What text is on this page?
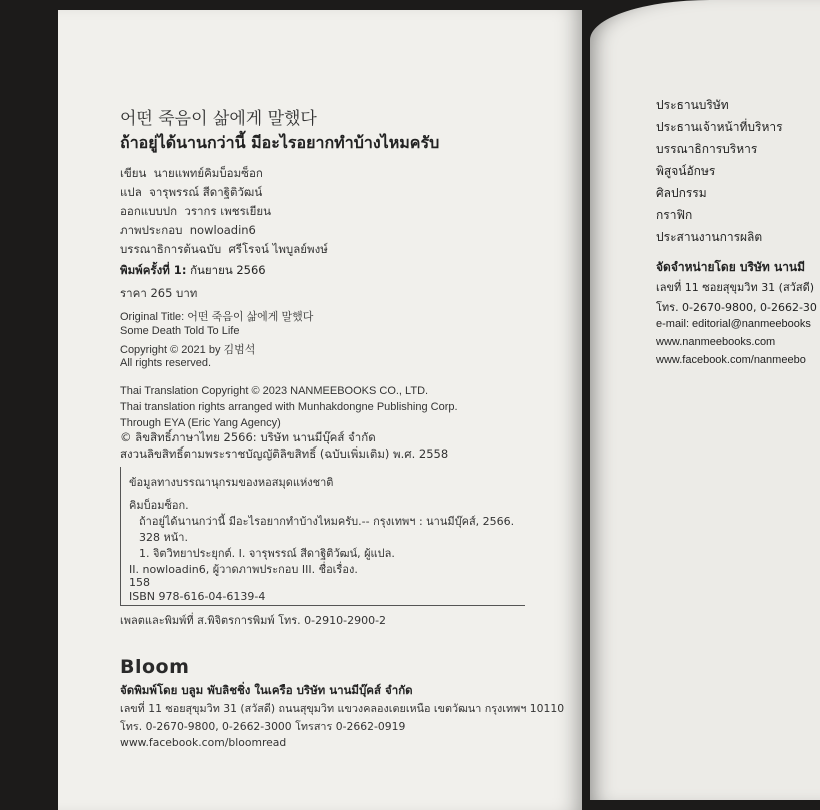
어떤 죽음이 삶에게 말했다
ถ้าอยู่ได้นานกว่านี้ มีอะไรอยากทำบ้างไหมครับ
เขียน นายแพทย์คิมบ็อมซ็อก
แปล จารุพรรณ์ สีดาฐิติวัฒน์
ออกแบบปก วรากร เพชรเยียน
ภาพประกอบ nowloadin6
บรรณาธิการต้นฉบับ ศรีโรจน์ ไพบูลย์พงษ์
พิมพ์ครั้งที่ 1: กันยายน 2566
ราคา 265 บาท
Original Title: 어떤 죽음이 삶에게 말했다
Some Death Told To Life
Copyright © 2021 by 김범석
All rights reserved.
Thai Translation Copyright © 2023 NANMEEBOOKS CO., LTD.
Thai translation rights arranged with Munhakdongne Publishing Corp.
Through EYA (Eric Yang Agency)
© ลิขสิทธิ์ภาษาไทย 2566: บริษัท นานมีบุ๊คส์ จำกัด
สงวนลิขสิทธิ์ตามพระราชบัญญัติลิขสิทธิ์ (ฉบับเพิ่มเติม) พ.ศ. 2558
ข้อมูลทางบรรณานุกรมของหอสมุดแห่งชาติ
คิมบ็อมซ็อก.
ถ้าอยู่ได้นานกว่านี้ มีอะไรอยากทำบ้างไหมครับ.-- กรุงเทพฯ : นานมีบุ๊คส์, 2566.
328 หน้า.
1. จิตวิทยาประยุกต์. I. จารุพรรณ์ สีดาฐิติวัฒน์, ผู้แปล.
II. nowloadin6, ผู้วาดภาพประกอบ III. ชื่อเรื่อง.
158
ISBN 978-616-04-6139-4
เพลตและพิมพ์ที่ ส.พิจิตรการพิมพ์ โทร. 0-2910-2900-2
Bloom
จัดพิมพ์โดย บลูม พับลิชชิ่ง ในเครือ บริษัท นานมีบุ๊คส์ จำกัด
เลขที่ 11 ซอยสุขุมวิท 31 (สวัสดี) ถนนสุขุมวิท แขวงคลองเตยเหนือ เขตวัฒนา กรุงเทพฯ 10110
โทร. 0-2670-9800, 0-2662-3000 โทรสาร 0-2662-0919
www.facebook.com/bloomread
ประธานบริษัท
ประธานเจ้าหน้าที่บริหาร
บรรณาธิการบริหาร
พิสูจน์อักษร
ศิลปกรรม
กราฟิก
ประสานงานการผลิต
จัดจำหน่ายโดย บริษัท นานมี
เลขที่ 11 ซอยสุขุมวิท 31 (สวัสดี)
โทร. 0-2670-9800, 0-2662-30
e-mail: editorial@nanmeebooks
www.nanmeebooks.com
www.facebook.com/nanmeebo
